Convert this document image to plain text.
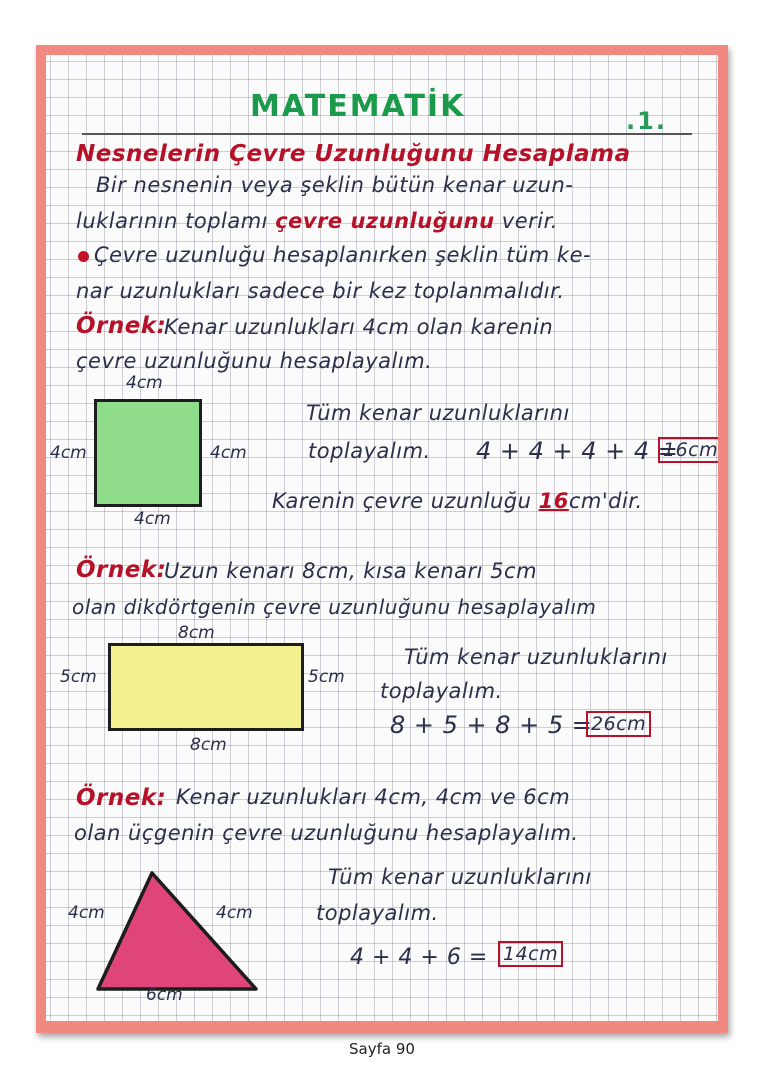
MATEMATİK	.1.
Nesnelerin Çevre Uzunluğunu Hesaplama
Bir nesnenin veya şeklin bütün kenar uzun-
luklarının toplamı çevre uzunluğunu verir.
Çevre uzunluğu hesaplanırken şeklin tüm ke-
nar uzunlukları sadece bir kez toplanmalıdır.
Örnek:
Kenar uzunlukları 4cm olan karenin
çevre uzunluğunu hesaplayalım.
4cm
4cm	4cm
4cm
Tüm kenar uzunluklarını
toplayalım. 4 + 4 + 4 + 4 =
16cm
Karenin çevre uzunluğu 16cm'dir.
Örnek:
Uzun kenarı 8cm, kısa kenarı 5cm
olan dikdörtgenin çevre uzunluğunu hesaplayalım
8cm
5cm	5cm
8cm
Tüm kenar uzunluklarını
toplayalım.
8 + 5 + 8 + 5 =
26cm
Örnek: Kenar uzunlukları 4cm, 4cm ve 6cm
olan üçgenin çevre uzunluğunu hesaplayalım.
4cm	4cm
6cm
Tüm kenar uzunluklarını
toplayalım.
4 + 4 + 6 = 14cm
Sayfa 90
